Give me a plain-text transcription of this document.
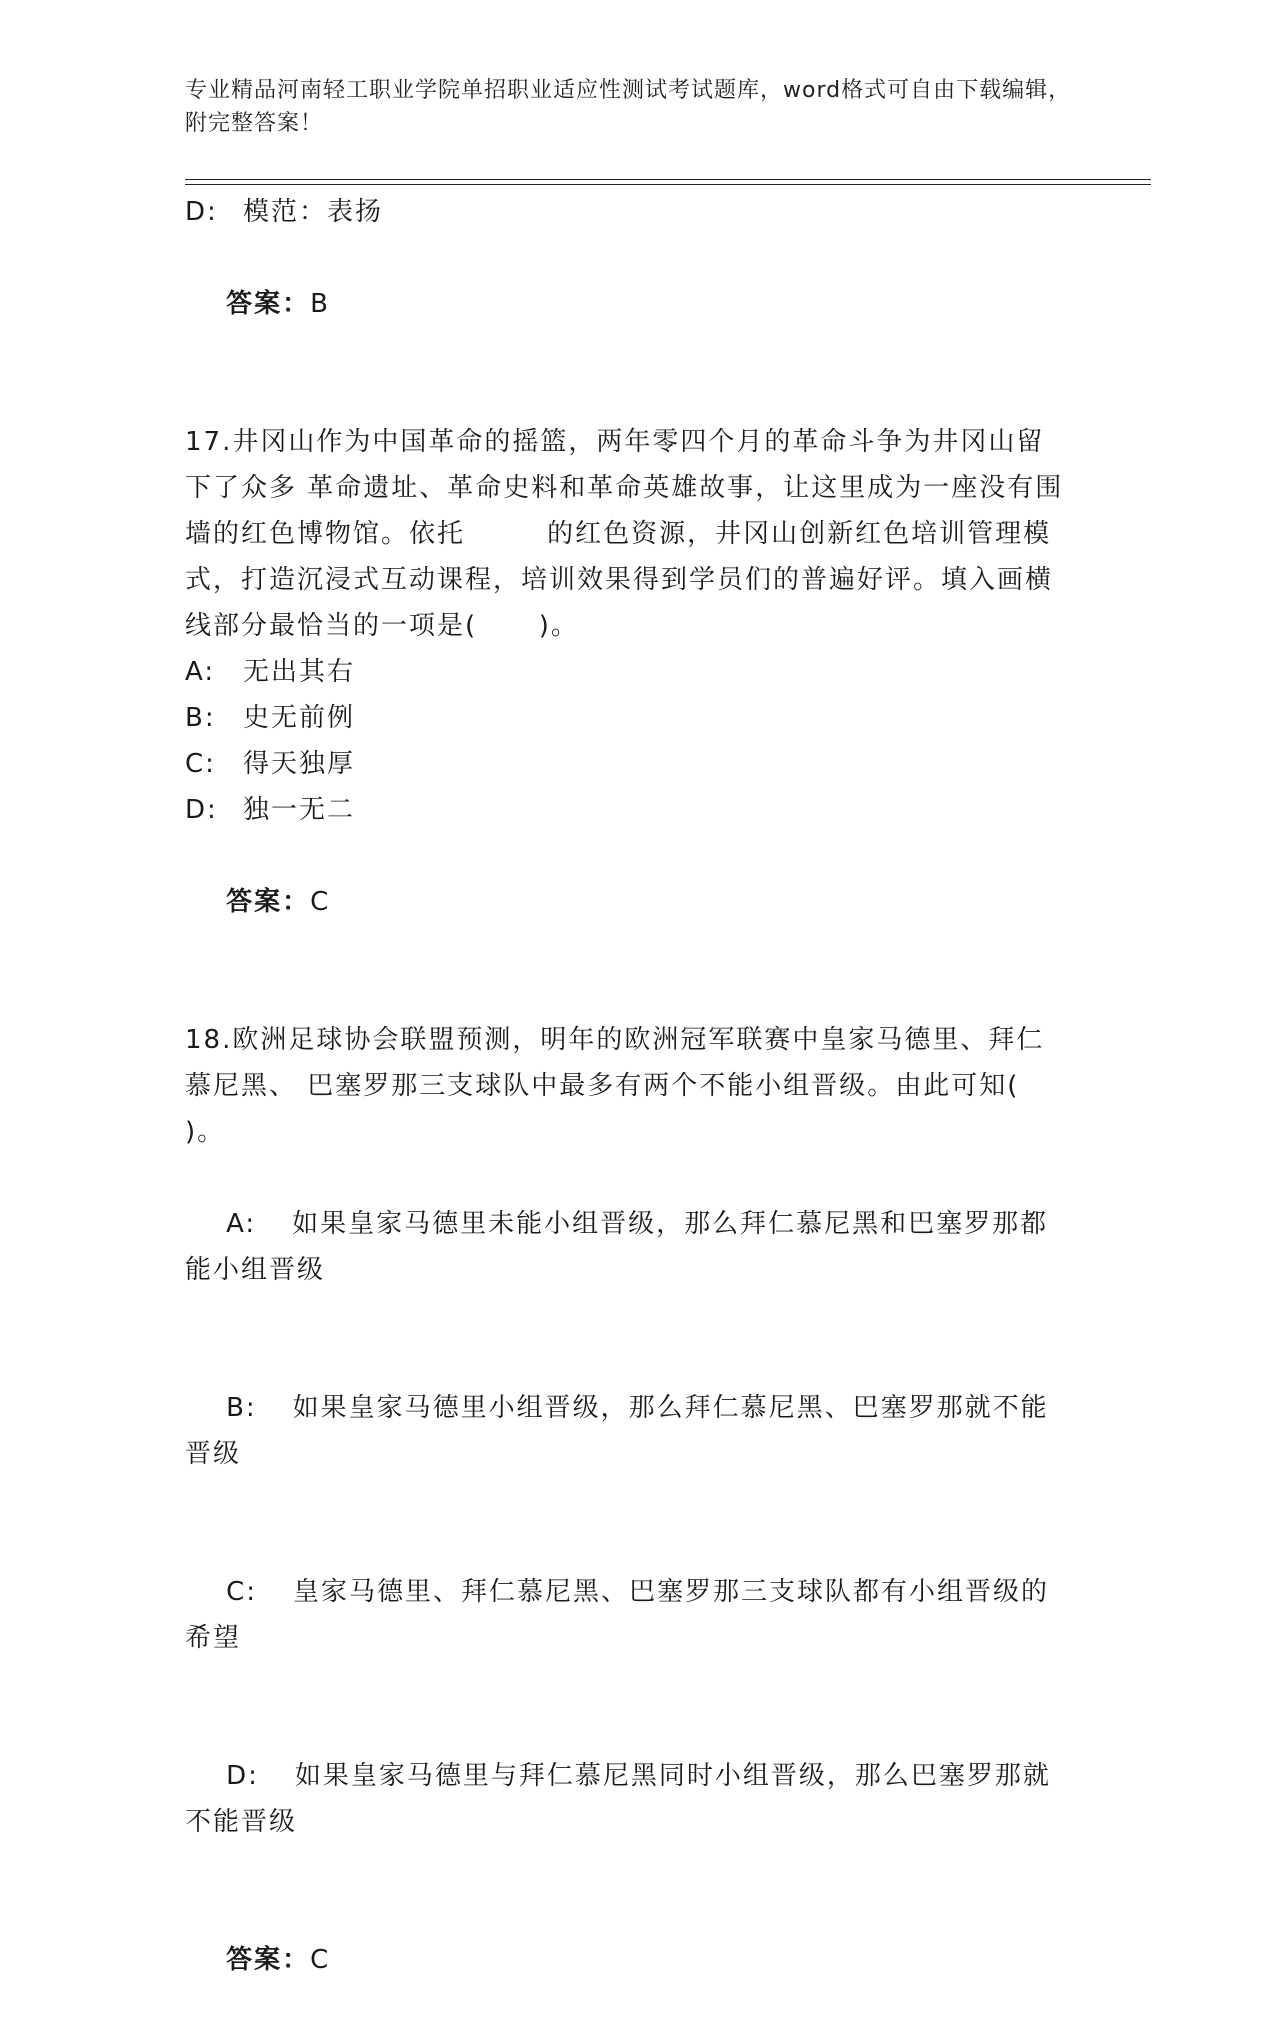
专业精品河南轻工职业学院单招职业适应性测试考试题库，word格式可自由下载编辑，附完整答案！
D: 模范：表扬

答案：B

17.井冈山作为中国革命的摇篮，两年零四个月的革命斗争为井冈山留下了众多 革命遗址、革命史料和革命英雄故事，让这里成为一座没有围墙的红色博物馆。依托        的红色资源，井冈山创新红色培训管理模式，打造沉浸式互动课程，培训效果得到学员们的普遍好评。填入画横线部分最恰当的一项是(      )。
A:	无出其右
B:	史无前例
C:	得天独厚
D: 独一无二

答案：C

18.欧洲足球协会联盟预测，明年的欧洲冠军联赛中皇家马德里、拜仁慕尼黑、 巴塞罗那三支球队中最多有两个不能小组晋级。由此可知(      )。

A: 如果皇家马德里未能小组晋级，那么拜仁慕尼黑和巴塞罗那都能小组晋级

B: 如果皇家马德里小组晋级，那么拜仁慕尼黑、巴塞罗那就不能晋级

C: 皇家马德里、拜仁慕尼黑、巴塞罗那三支球队都有小组晋级的希望

D: 如果皇家马德里与拜仁慕尼黑同时小组晋级，那么巴塞罗那就不能晋级

答案：C
